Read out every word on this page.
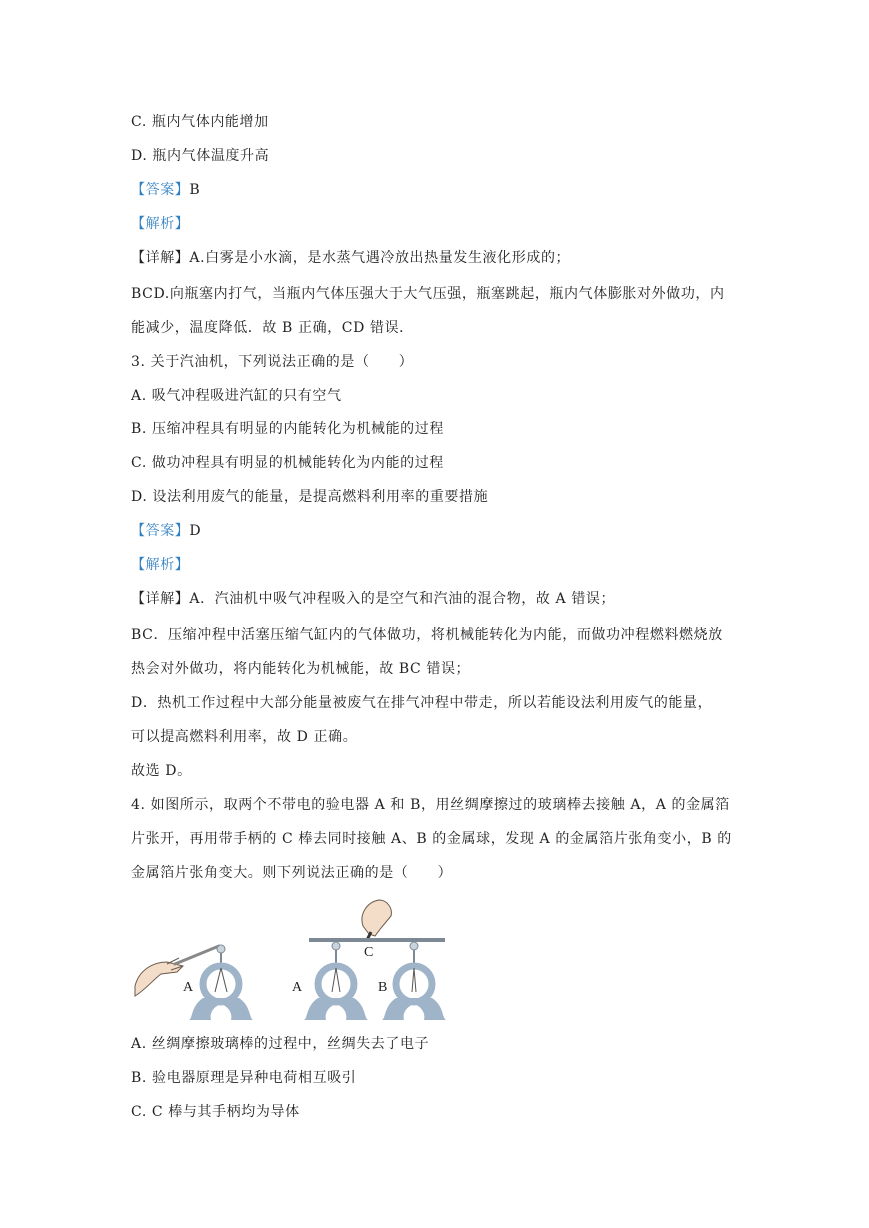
C. 瓶内气体内能增加
D. 瓶内气体温度升高
【答案】B
【解析】
【详解】A.白雾是小水滴，是水蒸气遇冷放出热量发生液化形成的；
BCD.向瓶塞内打气，当瓶内气体压强大于大气压强，瓶塞跳起，瓶内气体膨胀对外做功，内
能减少，温度降低．故 B 正确，CD 错误．
3. 关于汽油机，下列说法正确的是（　　）
A. 吸气冲程吸进汽缸的只有空气
B. 压缩冲程具有明显的内能转化为机械能的过程
C. 做功冲程具有明显的机械能转化为内能的过程
D. 设法利用废气的能量，是提高燃料利用率的重要措施
【答案】D
【解析】
【详解】A．汽油机中吸气冲程吸入的是空气和汽油的混合物，故 A 错误；
BC．压缩冲程中活塞压缩气缸内的气体做功，将机械能转化为内能，而做功冲程燃料燃烧放
热会对外做功，将内能转化为机械能，故 BC 错误；
D．热机工作过程中大部分能量被废气在排气冲程中带走，所以若能设法利用废气的能量，
可以提高燃料利用率，故 D 正确。
故选 D。
4. 如图所示，取两个不带电的验电器 A 和 B，用丝绸摩擦过的玻璃棒去接触 A，A 的金属箔
片张开，再用带手柄的 C 棒去同时接触 A、B 的金属球，发现 A 的金属箔片张角变小，B 的
金属箔片张角变大。则下列说法正确的是（　　）
A
C
A	B
A. 丝绸摩擦玻璃棒的过程中，丝绸失去了电子
B. 验电器原理是异种电荷相互吸引
C. C 棒与其手柄均为导体
